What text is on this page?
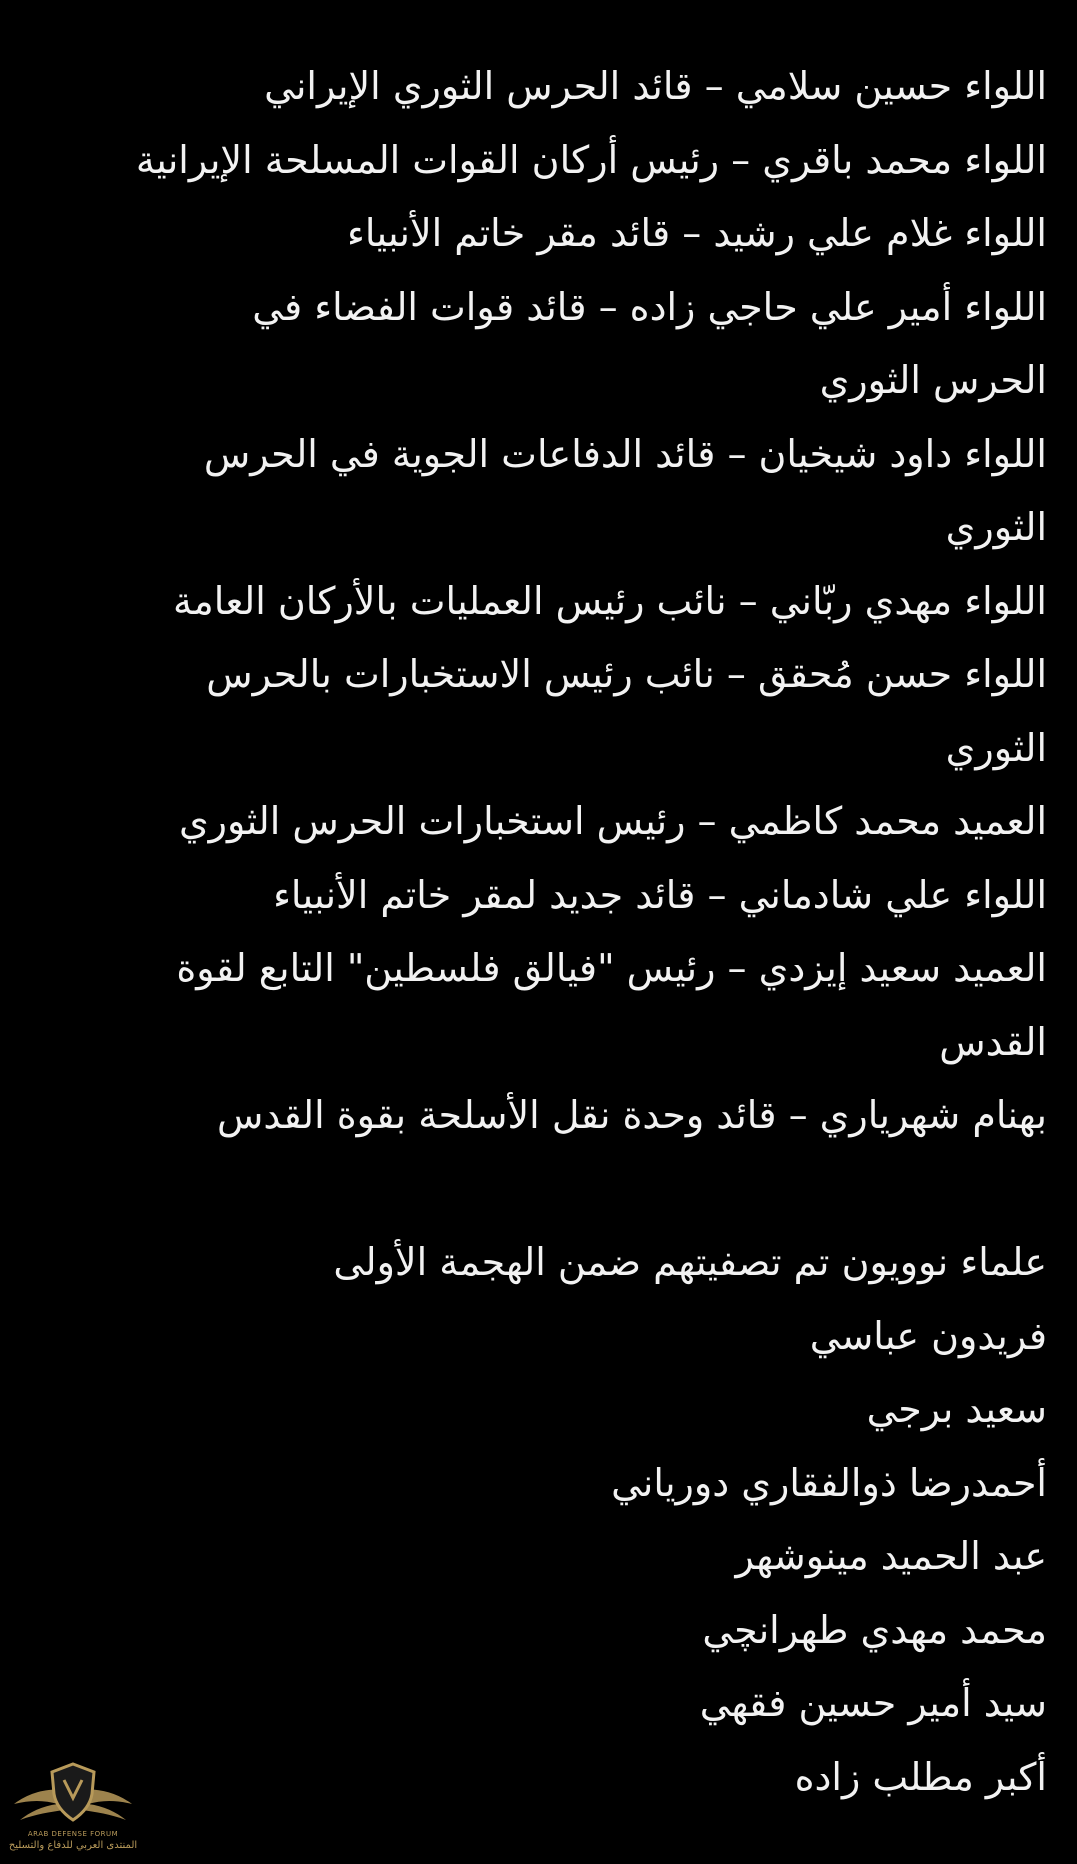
اللواء حسين سلامي – قائد الحرس الثوري الإيراني
اللواء محمد باقري – رئيس أركان القوات المسلحة الإيرانية
اللواء غلام علي رشيد – قائد مقر خاتم الأنبياء
اللواء أمير علي حاجي زاده – قائد قوات الفضاء في
الحرس الثوري
اللواء داود شيخيان – قائد الدفاعات الجوية في الحرس
الثوري
اللواء مهدي ربّاني – نائب رئيس العمليات بالأركان العامة
اللواء حسن مُحقق – نائب رئيس الاستخبارات بالحرس
الثوري
العميد محمد كاظمي – رئيس استخبارات الحرس الثوري
اللواء علي شادماني – قائد جديد لمقر خاتم الأنبياء
العميد سعيد إيزدي – رئيس "فيالق فلسطين" التابع لقوة
القدس
بهنام شهرياري – قائد وحدة نقل الأسلحة بقوة القدس
علماء نوويون تم تصفيتهم ضمن الهجمة الأولى
فريدون عباسي
سعيد برجي
أحمدرضا ذوالفقاري دورياني
عبد الحميد مينوشهر
محمد مهدي طهرانچي
سيد أمير حسين فقهي
أكبر مطلب زاده
ARAB DEFENSE FORUM
المنتدى العربي للدفاع والتسليح
